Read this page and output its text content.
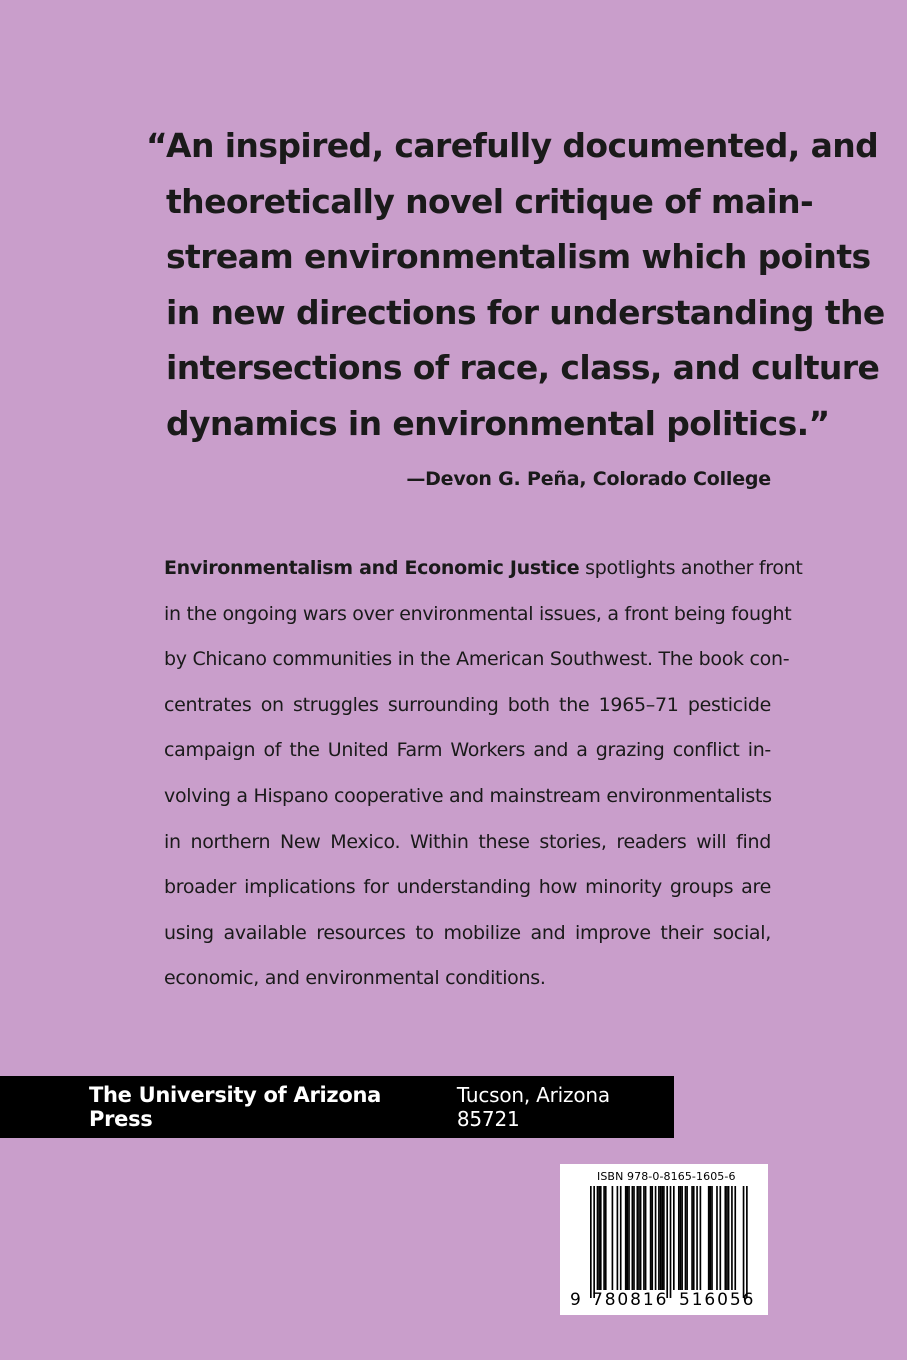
“
An inspired, carefully documented, and
theoretically novel critique of main-
stream environmentalism which points
in new directions for understanding the
intersections of race, class, and culture
dynamics in environmental politics.”
—Devon G. Peña, Colorado College
Environmentalism and Economic Justice spotlights another front
in the ongoing wars over environmental issues, a front being fought
by Chicano communities in the American Southwest. The book con-
centrates on struggles surrounding both the 1965–71 pesticide
campaign of the United Farm Workers and a grazing conflict in-
volving a Hispano cooperative and mainstream environmentalists
in northern New Mexico. Within these stories, readers will find
broader implications for understanding how minority groups are
using available resources to mobilize and improve their social,
economic, and environmental conditions.
The University of Arizona Press
Tucson, Arizona 85721
ISBN 978-0-8165-1605-6
9 780816 516056
